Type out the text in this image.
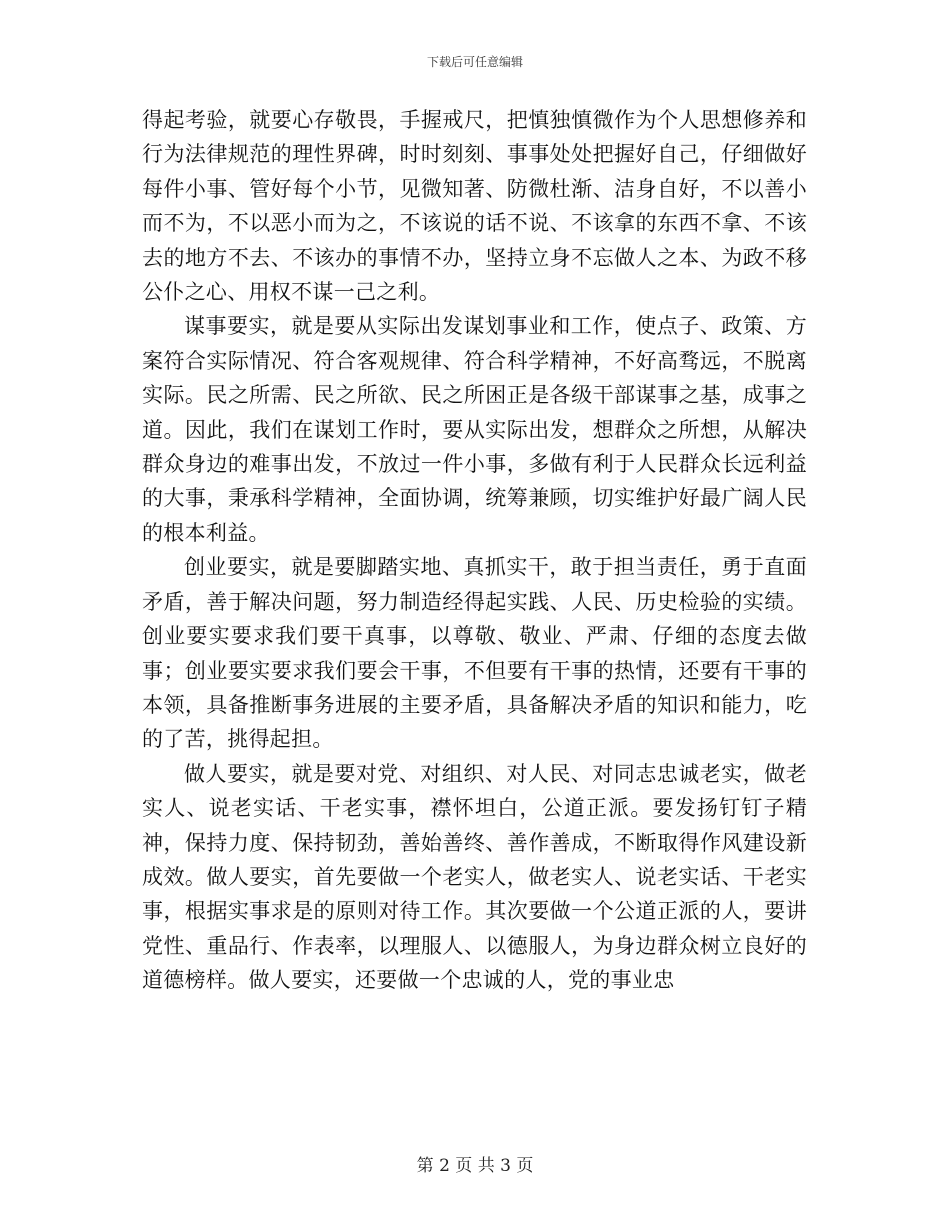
下载后可任意编辑

得起考验，就要心存敬畏，手握戒尺，把慎独慎微作为个人思想修养和行为法律规范的理性界碑，时时刻刻、事事处处把握好自己，仔细做好每件小事、管好每个小节，见微知著、防微杜渐、洁身自好，不以善小而不为，不以恶小而为之，不该说的话不说、不该拿的东西不拿、不该去的地方不去、不该办的事情不办，坚持立身不忘做人之本、为政不移公仆之心、用权不谋一己之利。

谋事要实，就是要从实际出发谋划事业和工作，使点子、政策、方案符合实际情况、符合客观规律、符合科学精神，不好高骛远，不脱离实际。民之所需、民之所欲、民之所困正是各级干部谋事之基，成事之道。因此，我们在谋划工作时，要从实际出发，想群众之所想，从解决群众身边的难事出发，不放过一件小事，多做有利于人民群众长远利益的大事，秉承科学精神，全面协调，统筹兼顾，切实维护好最广阔人民的根本利益。

创业要实，就是要脚踏实地、真抓实干，敢于担当责任，勇于直面矛盾，善于解决问题，努力制造经得起实践、人民、历史检验的实绩。创业要实要求我们要干真事，以尊敬、敬业、严肃、仔细的态度去做事；创业要实要求我们要会干事，不但要有干事的热情，还要有干事的本领，具备推断事务进展的主要矛盾，具备解决矛盾的知识和能力，吃的了苦，挑得起担。

做人要实，就是要对党、对组织、对人民、对同志忠诚老实，做老实人、说老实话、干老实事，襟怀坦白，公道正派。要发扬钉钉子精神，保持力度、保持韧劲，善始善终、善作善成，不断取得作风建设新成效。做人要实，首先要做一个老实人，做老实人、说老实话、干老实事，根据实事求是的原则对待工作。其次要做一个公道正派的人，要讲党性、重品行、作表率，以理服人、以德服人，为身边群众树立良好的道德榜样。做人要实，还要做一个忠诚的人，党的事业忠

第 2 页 共 3 页
